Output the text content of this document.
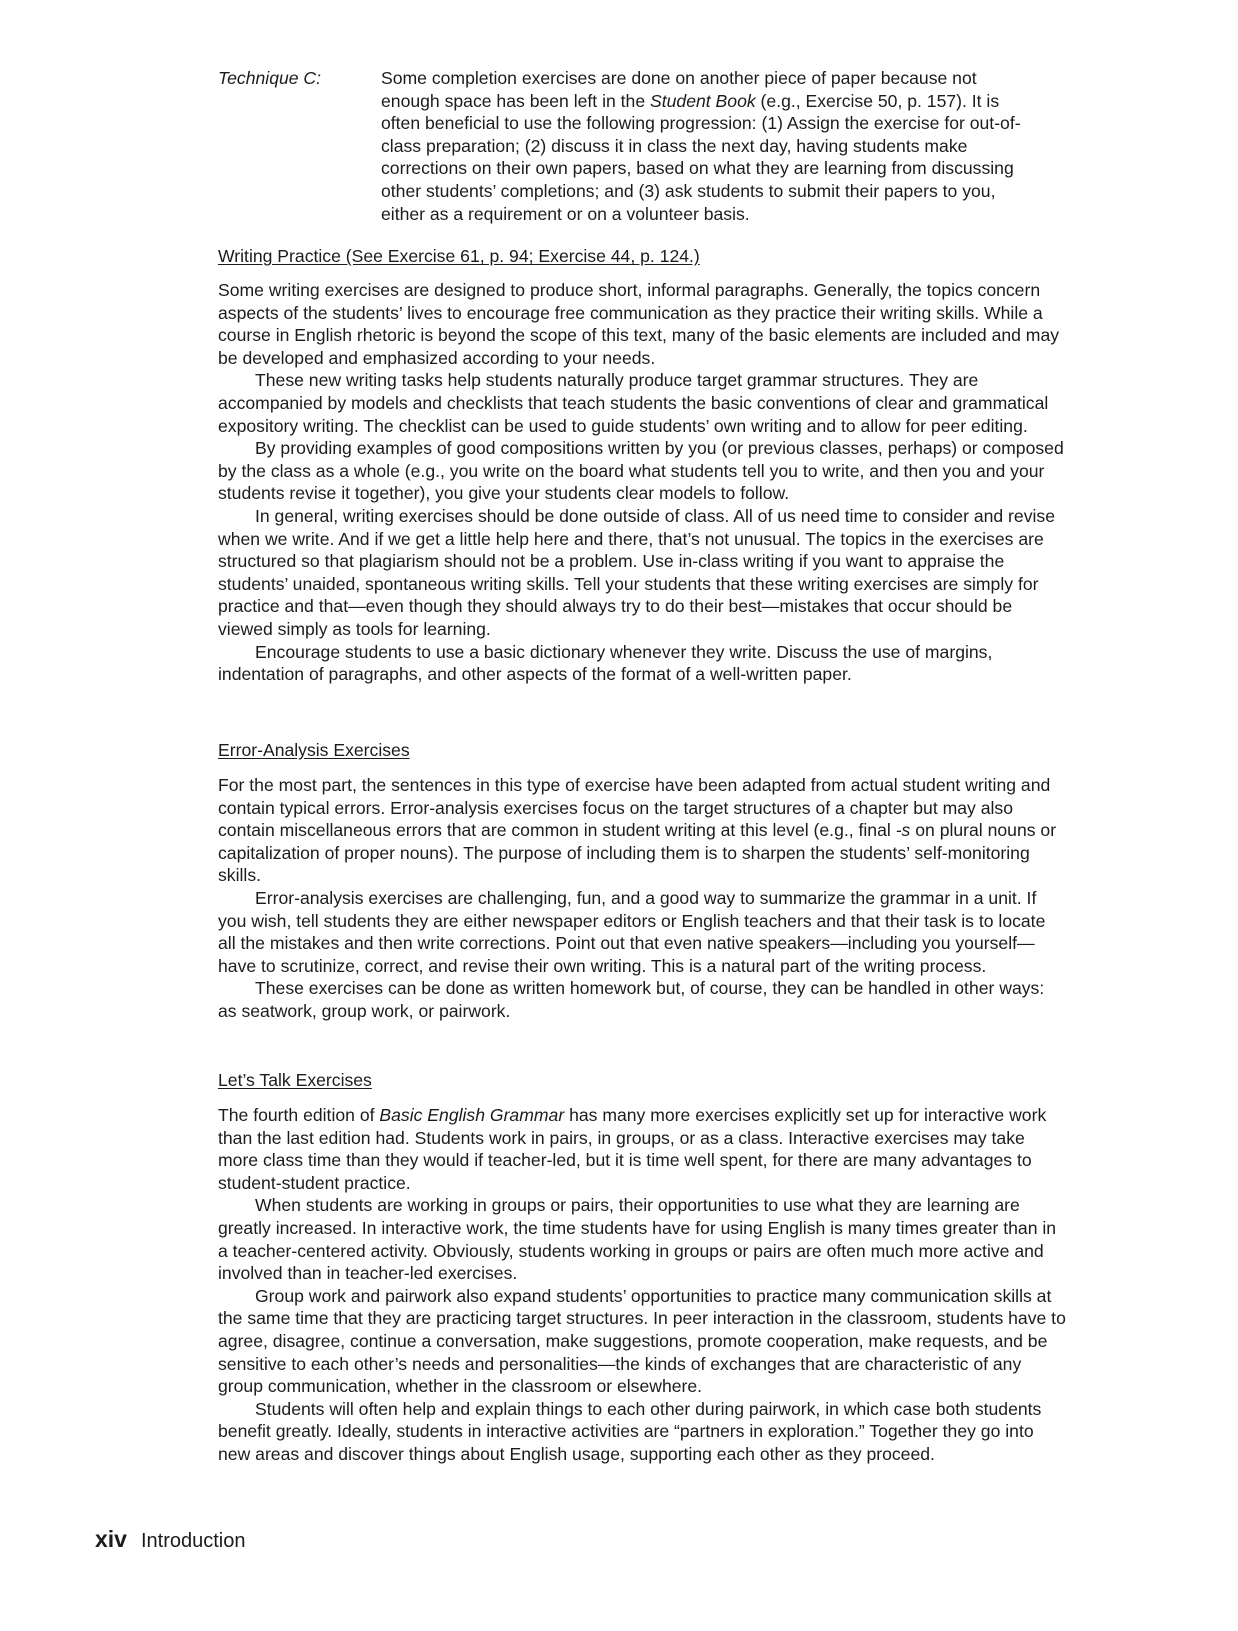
Technique C:	Some completion exercises are done on another piece of paper because not enough space has been left in the Student Book (e.g., Exercise 50, p. 157). It is often beneficial to use the following progression: (1) Assign the exercise for out-of-class preparation; (2) discuss it in class the next day, having students make corrections on their own papers, based on what they are learning from discussing other students’ completions; and (3) ask students to submit their papers to you, either as a requirement or on a volunteer basis.

Writing Practice (See Exercise 61, p. 94; Exercise 44, p. 124.)

Some writing exercises are designed to produce short, informal paragraphs. Generally, the topics concern aspects of the students’ lives to encourage free communication as they practice their writing skills. While a course in English rhetoric is beyond the scope of this text, many of the basic elements are included and may be developed and emphasized according to your needs.

These new writing tasks help students naturally produce target grammar structures. They are accompanied by models and checklists that teach students the basic conventions of clear and grammatical expository writing. The checklist can be used to guide students’ own writing and to allow for peer editing.

By providing examples of good compositions written by you (or previous classes, perhaps) or composed by the class as a whole (e.g., you write on the board what students tell you to write, and then you and your students revise it together), you give your students clear models to follow.

In general, writing exercises should be done outside of class. All of us need time to consider and revise when we write. And if we get a little help here and there, that’s not unusual. The topics in the exercises are structured so that plagiarism should not be a problem. Use in-class writing if you want to appraise the students’ unaided, spontaneous writing skills. Tell your students that these writing exercises are simply for practice and that—even though they should always try to do their best—mistakes that occur should be viewed simply as tools for learning.

Encourage students to use a basic dictionary whenever they write. Discuss the use of margins, indentation of paragraphs, and other aspects of the format of a well-written paper.

Error-Analysis Exercises

For the most part, the sentences in this type of exercise have been adapted from actual student writing and contain typical errors. Error-analysis exercises focus on the target structures of a chapter but may also contain miscellaneous errors that are common in student writing at this level (e.g., final -s on plural nouns or capitalization of proper nouns). The purpose of including them is to sharpen the students’ self-monitoring skills.

Error-analysis exercises are challenging, fun, and a good way to summarize the grammar in a unit. If you wish, tell students they are either newspaper editors or English teachers and that their task is to locate all the mistakes and then write corrections. Point out that even native speakers—including you yourself—have to scrutinize, correct, and revise their own writing. This is a natural part of the writing process.

These exercises can be done as written homework but, of course, they can be handled in other ways: as seatwork, group work, or pairwork.

Let’s Talk Exercises

The fourth edition of Basic English Grammar has many more exercises explicitly set up for interactive work than the last edition had. Students work in pairs, in groups, or as a class. Interactive exercises may take more class time than they would if teacher-led, but it is time well spent, for there are many advantages to student-student practice.

When students are working in groups or pairs, their opportunities to use what they are learning are greatly increased. In interactive work, the time students have for using English is many times greater than in a teacher-centered activity. Obviously, students working in groups or pairs are often much more active and involved than in teacher-led exercises.

Group work and pairwork also expand students’ opportunities to practice many communication skills at the same time that they are practicing target structures. In peer interaction in the classroom, students have to agree, disagree, continue a conversation, make suggestions, promote cooperation, make requests, and be sensitive to each other’s needs and personalities—the kinds of exchanges that are characteristic of any group communication, whether in the classroom or elsewhere.

Students will often help and explain things to each other during pairwork, in which case both students benefit greatly. Ideally, students in interactive activities are “partners in exploration.” Together they go into new areas and discover things about English usage, supporting each other as they proceed.

xiv Introduction
